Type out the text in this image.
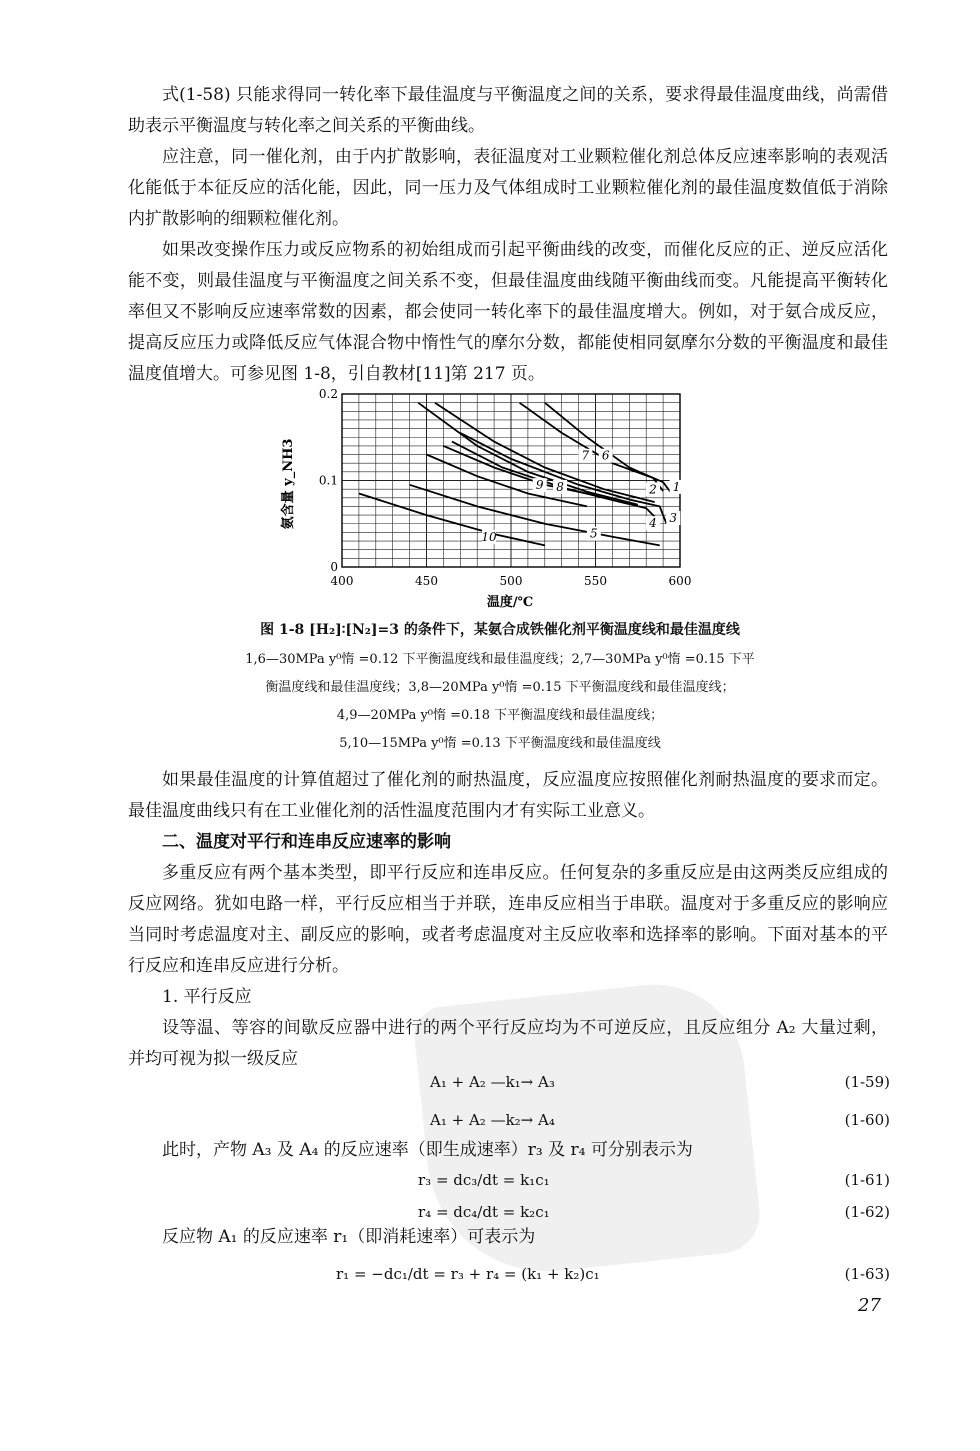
式(1-58) 只能求得同一转化率下最佳温度与平衡温度之间的关系，要求得最佳温度曲线，尚需借助表示平衡温度与转化率之间关系的平衡曲线。

应注意，同一催化剂，由于内扩散影响，表征温度对工业颗粒催化剂总体反应速率影响的表观活化能低于本征反应的活化能，因此，同一压力及气体组成时工业颗粒催化剂的最佳温度数值低于消除内扩散影响的细颗粒催化剂。

如果改变操作压力或反应物系的初始组成而引起平衡曲线的改变，而催化反应的正、逆反应活化能不变，则最佳温度与平衡温度之间关系不变，但最佳温度曲线随平衡曲线而变。凡能提高平衡转化率但又不影响反应速率常数的因素，都会使同一转化率下的最佳温度增大。例如，对于氨合成反应，提高反应压力或降低反应气体混合物中惰性气的摩尔分数，都能使相同氨摩尔分数的平衡温度和最佳温度值增大。可参见图 1-8，引自教材[11]第 217 页。

400	450	500	550	600
0
0.1
0.2
1
2
3
4
5
6
7
8
9
10
氨含量 y_NH3
温度/℃

图 1-8 [H₂]∶[N₂]=3 的条件下，某氨合成铁催化剂平衡温度线和最佳温度线

1,6—30MPa y⁰惰 =0.12 下平衡温度线和最佳温度线；2,7—30MPa y⁰惰 =0.15 下平

衡温度线和最佳温度线；3,8—20MPa y⁰惰 =0.15 下平衡温度线和最佳温度线；

4,9—20MPa y⁰惰 =0.18 下平衡温度线和最佳温度线；

5,10—15MPa y⁰惰 =0.13 下平衡温度线和最佳温度线

如果最佳温度的计算值超过了催化剂的耐热温度，反应温度应按照催化剂耐热温度的要求而定。最佳温度曲线只有在工业催化剂的活性温度范围内才有实际工业意义。

二、温度对平行和连串反应速率的影响

多重反应有两个基本类型，即平行反应和连串反应。任何复杂的多重反应是由这两类反应组成的反应网络。犹如电路一样，平行反应相当于并联，连串反应相当于串联。温度对于多重反应的影响应当同时考虑温度对主、副反应的影响，或者考虑温度对主反应收率和选择率的影响。下面对基本的平行反应和连串反应进行分析。

1. 平行反应

设等温、等容的间歇反应器中进行的两个平行反应均为不可逆反应，且反应组分 A₂ 大量过剩，并均可视为拟一级反应

A₁ + A₂ —k₁→ A₃	(1-59)
A₁ + A₂ —k₂→ A₄	(1-60)

此时，产物 A₃ 及 A₄ 的反应速率（即生成速率）r₃ 及 r₄ 可分别表示为

r₃ = dc₃/dt = k₁c₁	(1-61)
r₄ = dc₄/dt = k₂c₁	(1-62)

反应物 A₁ 的反应速率 r₁（即消耗速率）可表示为

r₁ = −dc₁/dt = r₃ + r₄ = (k₁ + k₂)c₁	(1-63)
27
